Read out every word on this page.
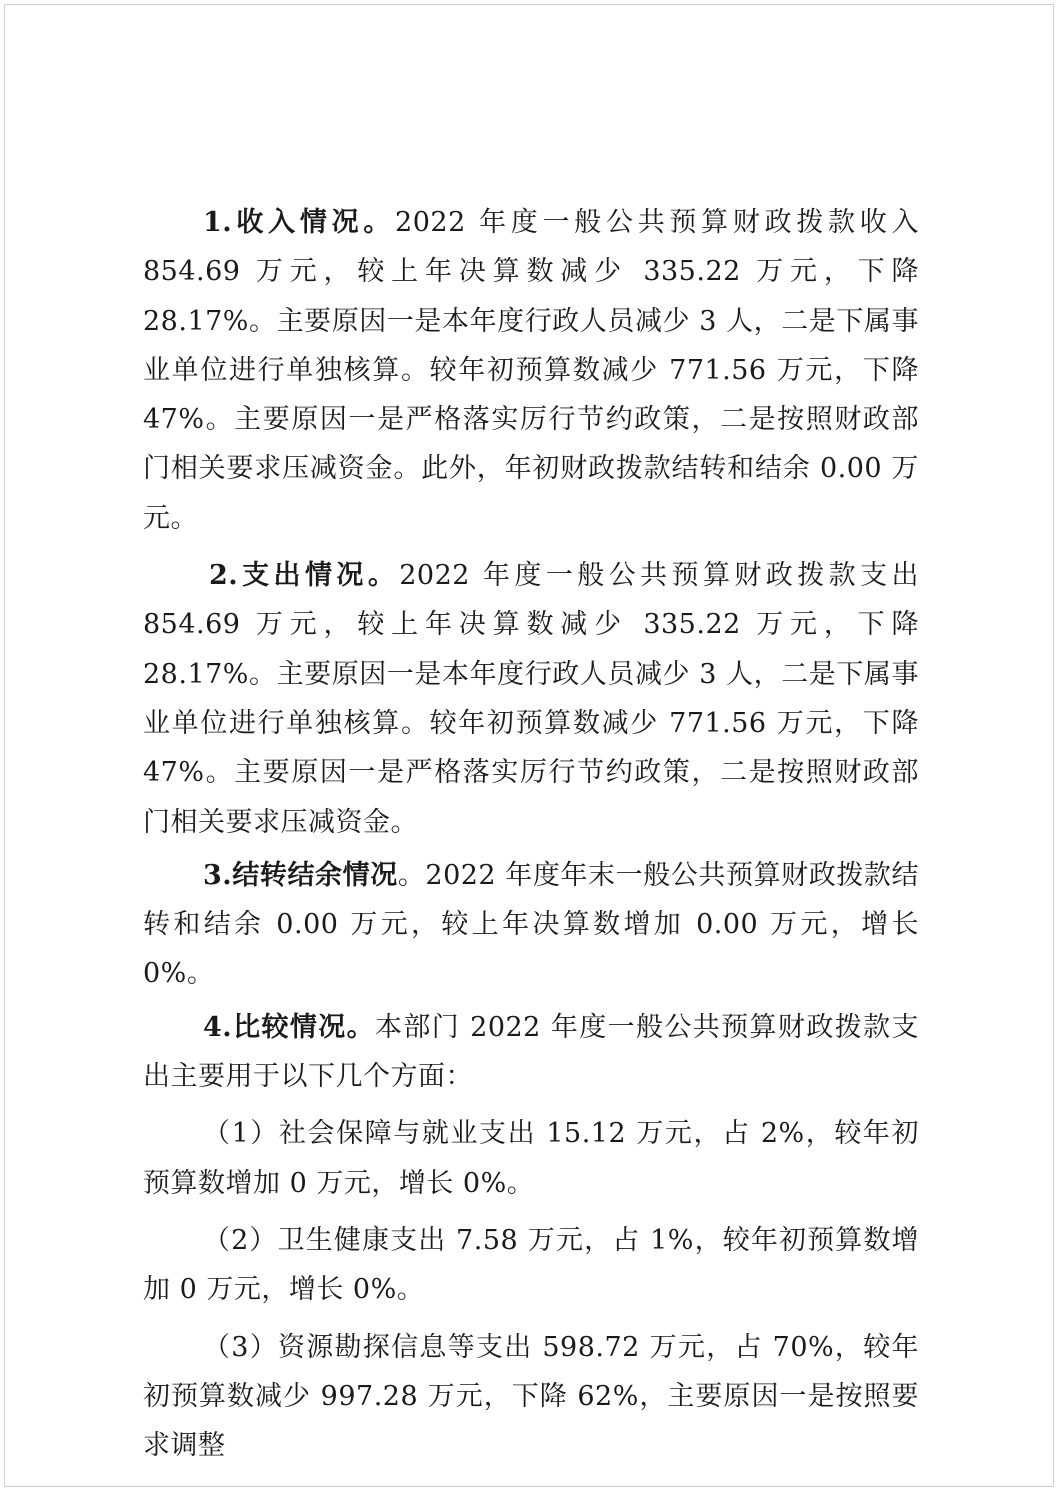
1.收入情况。2022 年度一般公共预算财政拨款收入 854.69 万元，较上年决算数减少 335.22 万元，下降 28.17%。主要原因一是本年度行政人员减少 3 人，二是下属事业单位进行单独核算。较年初预算数减少 771.56 万元，下降 47%。主要原因一是严格落实厉行节约政策，二是按照财政部门相关要求压减资金。此外，年初财政拨款结转和结余 0.00 万元。

2.支出情况。2022 年度一般公共预算财政拨款支出 854.69 万元，较上年决算数减少 335.22 万元，下降 28.17%。主要原因一是本年度行政人员减少 3 人，二是下属事业单位进行单独核算。较年初预算数减少 771.56 万元，下降 47%。主要原因一是严格落实厉行节约政策，二是按照财政部门相关要求压减资金。

3.结转结余情况。2022 年度年末一般公共预算财政拨款结转和结余 0.00 万元，较上年决算数增加 0.00 万元，增长 0%。

4.比较情况。本部门 2022 年度一般公共预算财政拨款支出主要用于以下几个方面：

（1）社会保障与就业支出 15.12 万元，占 2%，较年初预算数增加 0 万元，增长 0%。

（2）卫生健康支出 7.58 万元，占 1%，较年初预算数增加 0 万元，增长 0%。

（3）资源勘探信息等支出 598.72 万元，占 70%，较年初预算数减少 997.28 万元，下降 62%，主要原因一是按照要求调整
